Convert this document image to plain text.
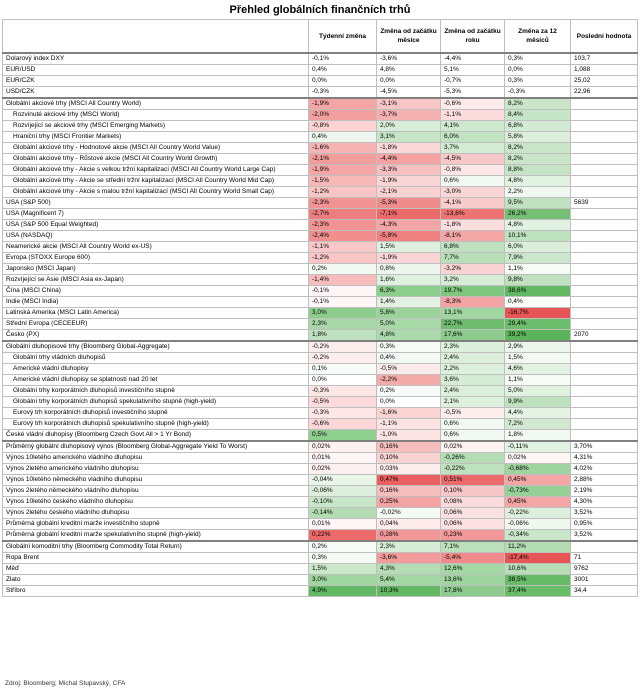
Přehled globálních finančních trhů
	Týdenní změna	Změna od začátku měsíce	Změna od začátku roku	Změna za 12 měsíců	Poslední hodnota
Dolarový index DXY	-0,1%	-3,6%	-4,4%	0,3%	103,7
EUR/USD	0,4%	4,8%	5,1%	0,0%	1,088
EUR/CZK	0,0%	0,0%	-0,7%	0,3%	25,02
USD/CZK	-0,3%	-4,5%	-5,3%	-0,3%	22,96
Globální akciové trhy (MSCI All Country World)	-1,9%	-3,1%	-0,6%	8,2%	
Rozvinuté akciové trhy (MSCI World)	-2,0%	-3,7%	-1,1%	8,4%	
Rozvíjející se akciové trhy (MSCI Emerging Markets)	-0,8%	2,0%	4,1%	6,8%	
Hraniční trhy (MSCI Frontier Markets)	0,4%	3,1%	6,0%	5,8%	
Globální akciové trhy - Hodnotové akcie (MSCI All Country World Value)	-1,6%	-1,8%	3,7%	8,2%	
Globální akciové trhy - Růstové akcie (MSCI All Country World Growth)	-2,1%	-4,4%	-4,5%	8,2%	
Globální akciové trhy - Akcie s velkou tržní kapitalizací (MSCI All Country World Large Cap)	-1,9%	-3,3%	-0,8%	8,8%	
Globální akciové trhy - Akcie se střední tržní kapitalizací (MSCI All Country World Mid Cap)	-1,5%	-1,9%	0,6%	4,8%	
Globální akciové trhy - Akcie s malou tržní kapitalizací (MSCI All Country World Small Cap)	-1,2%	-2,1%	-3,0%	2,2%	
USA (S&P 500)	-2,3%	-5,3%	-4,1%	9,5%	5639
USA (Magnificent 7)	-2,7%	-7,1%	-13,6%	26,2%	
USA (S&P 500 Equal Weighted)	-2,3%	-4,3%	-1,8%	4,8%	
USA (NASDAQ)	-2,4%	-5,8%	-8,1%	10,1%	
Neamerické akcie (MSCI All Country World ex-US)	-1,1%	1,5%	6,8%	6,0%	
Evropa (STOXX Europe 600)	-1,2%	-1,9%	7,7%	7,9%	
Japonsko (MSCI Japan)	0,2%	0,8%	-3,2%	1,1%	
Rozvíjející se Asie (MSCI Asia ex-Japan)	-1,4%	1,6%	3,2%	9,8%	
Čína (MSCI China)	-0,1%	6,3%	19,7%	38,6%	
Indie (MSCI India)	-0,1%	1,4%	-8,3%	0,4%	
Latinská Amerika (MSCI Latin America)	3,0%	5,8%	13,1%	-16,7%	
Střední Evropa (CECEEUR)	2,3%	5,0%	22,7%	29,4%	
Česko (PX)	1,8%	4,8%	17,6%	39,2%	2070
Globální dluhopisové trhy (Bloomberg Global-Aggregate)	-0,2%	0,3%	2,3%	2,9%	
Globální trhy vládních dluhopisů	-0,2%	0,4%	2,4%	1,5%	
Americké vládní dluhopisy	0,1%	-0,5%	2,2%	4,6%	
Americké vládní dluhopisy se splatností nad 20 let	0,0%	-2,2%	3,6%	1,1%	
Globální trhy korporátních dluhopisů investičního stupně	-0,3%	0,2%	2,4%	5,0%	
Globální trhy korporátních dluhopisů spekulativního stupně (high-yield)	-0,5%	0,0%	2,1%	9,9%	
Eurový trh korporátních dluhopisů investičního stupně	-0,3%	-1,6%	-0,5%	4,4%	
Eurový trh korporátních dluhopisů spekulativního stupně (high-yield)	-0,6%	-1,1%	0,6%	7,2%	
České vládní dluhopisy (Bloomberg Czech Govt All > 1 Yr Bond)	0,5%	-1,0%	0,6%	1,8%	
Průměrný globální dluhopisový výnos (Bloomberg Global-Aggregate Yield To Worst)	0,02%	0,16%	0,02%	-0,11%	3,70%
Výnos 10letého amerického vládního dluhopisu	0,01%	0,10%	-0,26%	0,02%	4,31%
Výnos 2letého amerického vládního dluhopisu	0,02%	0,03%	-0,22%	-0,68%	4,02%
Výnos 10letého německého vládního dluhopisu	-0,04%	0,47%	0,51%	0,45%	2,88%
Výnos 2letého německého vládního dluhopisu	-0,06%	0,16%	0,10%	-0,73%	2,19%
Výnos 10letého českého vládního dluhopisu	-0,10%	0,25%	0,08%	0,45%	4,30%
Výnos 2letého českého vládního dluhopisu	-0,14%	-0,02%	0,06%	-0,22%	3,52%
Průměrná globální kreditní marže investičního stupně	0,01%	0,04%	0,06%	-0,06%	0,95%
Průměrná globální kreditní marže spekulativního stupně (high-yield)	0,22%	0,28%	0,23%	-0,34%	3,52%
Globální komoditní trhy (Bloomberg Commodity Total Return)	0,2%	2,3%	7,1%	11,2%	
Ropa Brent	0,3%	-3,6%	-5,4%	-17,4%	71
Měď	1,5%	4,3%	12,6%	10,6%	9762
Zlato	3,0%	5,4%	13,6%	38,5%	3001
Stříbro	4,9%	10,3%	17,8%	37,4%	34,4
Zdroj: Bloomberg; Michal Stupavský, CFA
